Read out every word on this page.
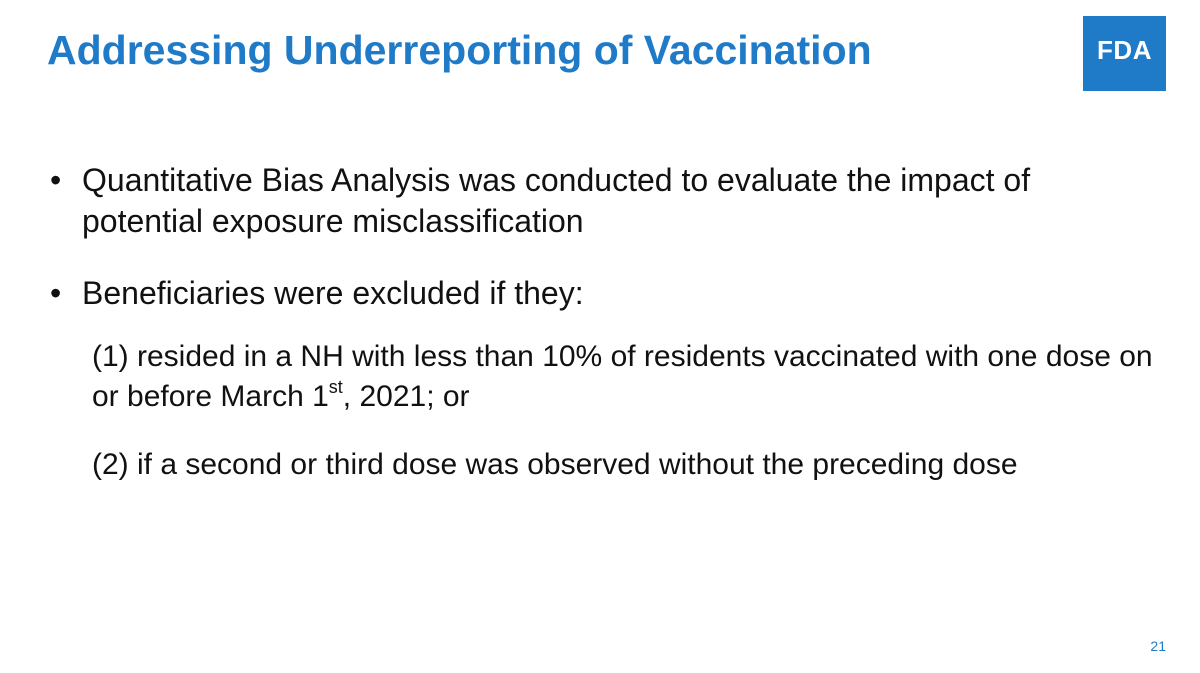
Addressing Underreporting of Vaccination	FDA
• Quantitative Bias Analysis was conducted to evaluate the impact of potential exposure misclassification
• Beneficiaries were excluded if they:
(1) resided in a NH with less than 10% of residents vaccinated with one dose on or before March 1st, 2021; or
(2) if a second or third dose was observed without the preceding dose
21
